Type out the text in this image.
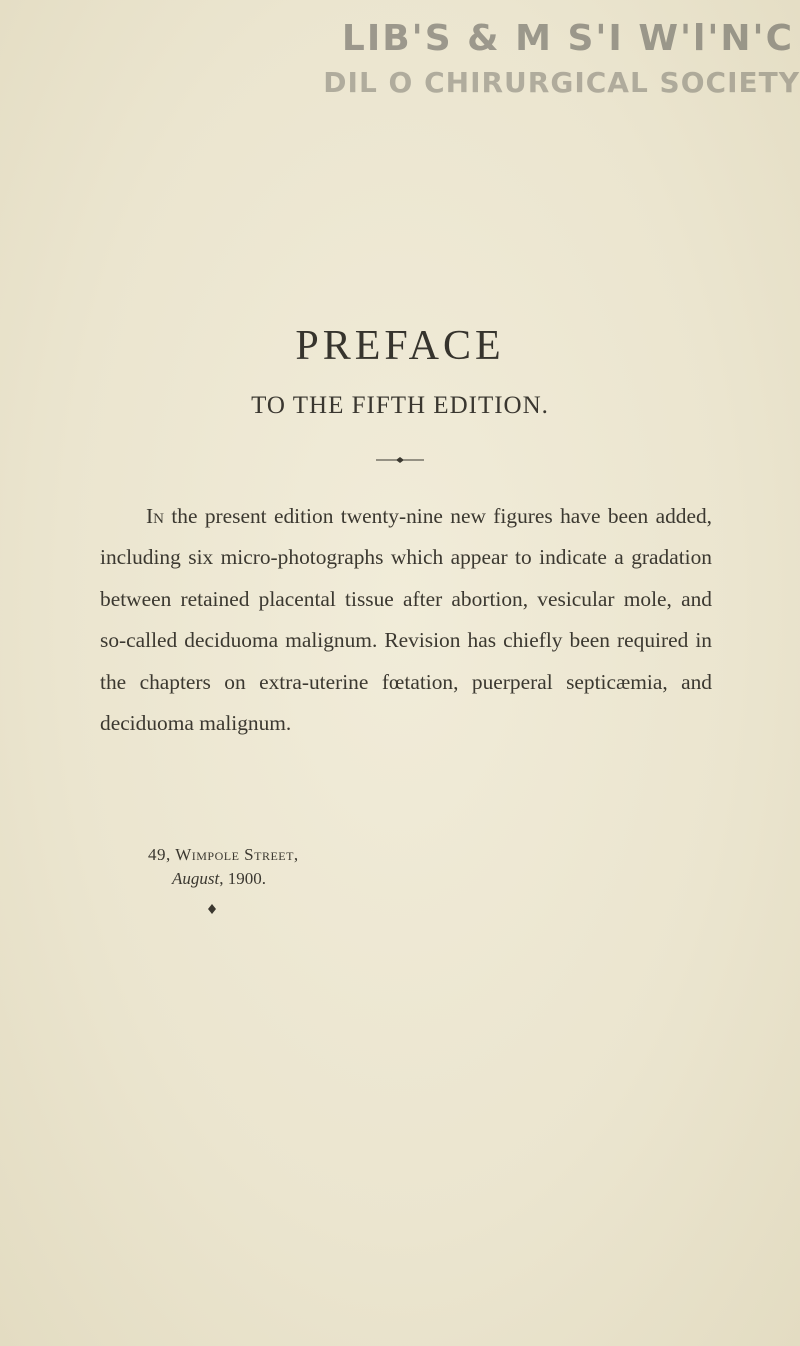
LIB'S & M S'I W'l'N'C
DIL O CHIRURGICAL SOCIETY
PREFACE
TO THE FIFTH EDITION.

In the present edition twenty-nine new figures have been added, including six micro-photographs which appear to indicate a gradation between retained placental tissue after abortion, vesicular mole, and so-called deciduoma malignum. Revision has chiefly been required in the chapters on extra-uterine fœtation, puerperal septicæmia, and deciduoma malignum.

49, Wimpole Street,
August, 1900.
